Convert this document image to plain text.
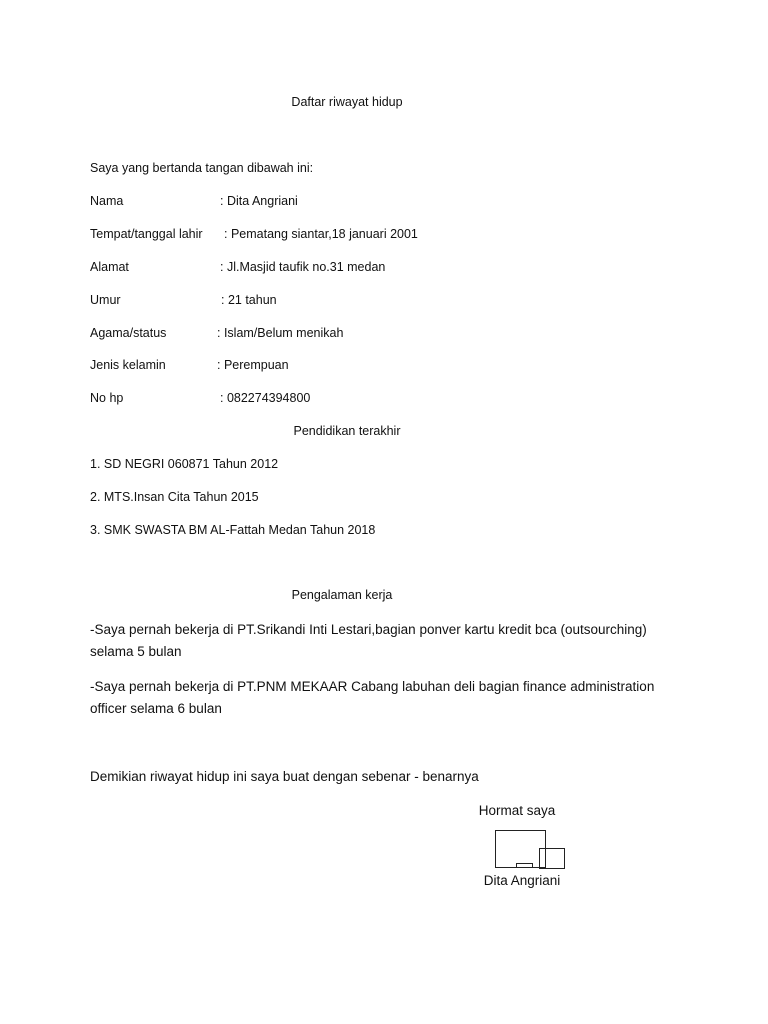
Daftar riwayat hidup
Saya yang bertanda tangan dibawah ini:
Nama	: Dita Angriani
Tempat/tanggal lahir : Pematang siantar,18 januari 2001
Alamat	: Jl.Masjid taufik no.31 medan
Umur	: 21 tahun
Agama/status	: Islam/Belum menikah
Jenis kelamin	: Perempuan
No hp	: 082274394800
Pendidikan terakhir
1. SD NEGRI 060871 Tahun 2012
2. MTS.Insan Cita Tahun 2015
3. SMK SWASTA BM AL-Fattah Medan Tahun 2018
Pengalaman kerja
-Saya pernah bekerja di PT.Srikandi Inti Lestari,bagian ponver kartu kredit bca (outsourching) selama 5 bulan
-Saya pernah bekerja di PT.PNM MEKAAR Cabang labuhan deli bagian finance administration officer selama 6 bulan
Demikian riwayat hidup ini saya buat dengan sebenar - benarnya
Hormat saya
Dita Angriani
